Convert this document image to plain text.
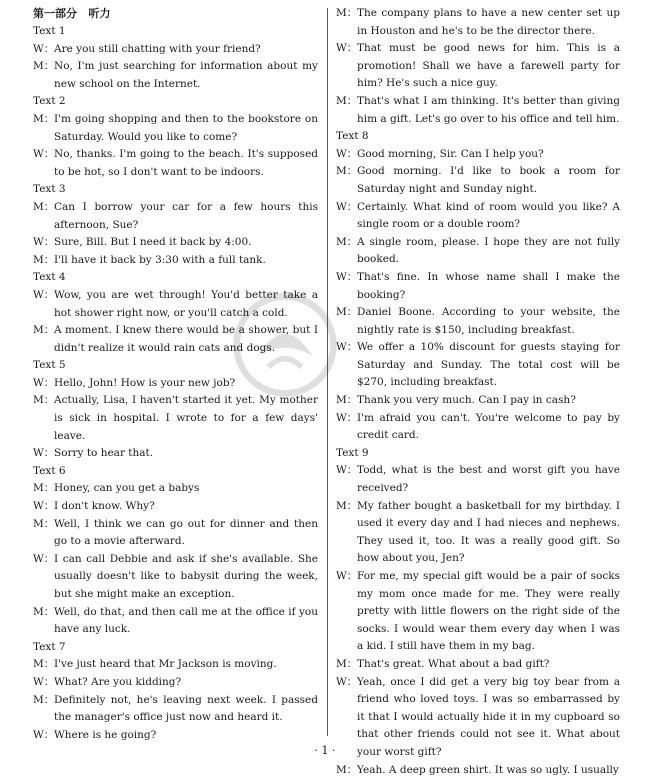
第一部分   听力
Text 1
W： Are you still chatting with your friend?
M： No, I'm just searching for information about my new school on the Internet.
Text 2
M： I'm going shopping and then to the bookstore on Saturday. Would you like to come?
W： No, thanks. I'm going to the beach. It's supposed to be hot, so I don't want to be indoors.
Text 3
M： Can I borrow your car for a few hours this afternoon, Sue?
W： Sure, Bill. But I need it back by 4:00.
M： I'll have it back by 3:30 with a full tank.
Text 4
W： Wow, you are wet through! You'd better take a hot shower right now, or you'll catch a cold.
M： A moment. I knew there would be a shower, but I didn't realize it would rain cats and dogs.
Text 5
W： Hello, John! How is your new job?
M： Actually, Lisa, I haven't started it yet. My mother is sick in hospital. I wrote to for a few days' leave.
W： Sorry to hear that.
Text 6
M： Honey, can you get a babys
W： I don't know. Why?
M： Well, I think we can go out for dinner and then go to a movie afterward.
W： I can call Debbie and ask if she's available. She usually doesn't like to babysit during the week, but she might make an exception.
M： Well, do that, and then call me at the office if you have any luck.
Text 7
M： I've just heard that Mr Jackson is moving.
W： What? Are you kidding?
M： Definitely not, he's leaving next week. I passed the manager's office just now and heard it.
W： Where is he going?
M： The company plans to have a new center set up in Houston and he's to be the director there.
W： That must be good news for him. This is a promotion! Shall we have a farewell party for him? He's such a nice guy.
M： That's what I am thinking. It's better than giving him a gift. Let's go over to his office and tell him.
Text 8
W： Good morning, Sir. Can I help you?
M： Good morning. I'd like to book a room for Saturday night and Sunday night.
W： Certainly. What kind of room would you like? A single room or a double room?
M： A single room, please. I hope they are not fully booked.
W： That's fine. In whose name shall I make the booking?
M： Daniel Boone. According to your website, the nightly rate is $150, including breakfast.
W： We offer a 10% discount for guests staying for Saturday and Sunday. The total cost will be $270, including breakfast.
M： Thank you very much. Can I pay in cash?
W： I'm afraid you can't. You're welcome to pay by credit card.
Text 9
W： Todd, what is the best and worst gift you have received?
M： My father bought a basketball for my birthday. I used it every day and I had nieces and nephews. They used it, too. It was a really good gift. So how about you, Jen?
W： For me, my special gift would be a pair of socks my mom once made for me. They were really pretty with little flowers on the right side of the socks. I would wear them every day when I was a kid. I still have them in my bag.
M： That's great. What about a bad gift?
W： Yeah, once I did get a very big toy bear from a friend who loved toys. I was so embarrassed by it that I would actually hide it in my cupboard so that other friends could not see it. What about your worst gift?
M： Yeah. A deep green shirt. It was so ugly. I usually
· 1 ·
